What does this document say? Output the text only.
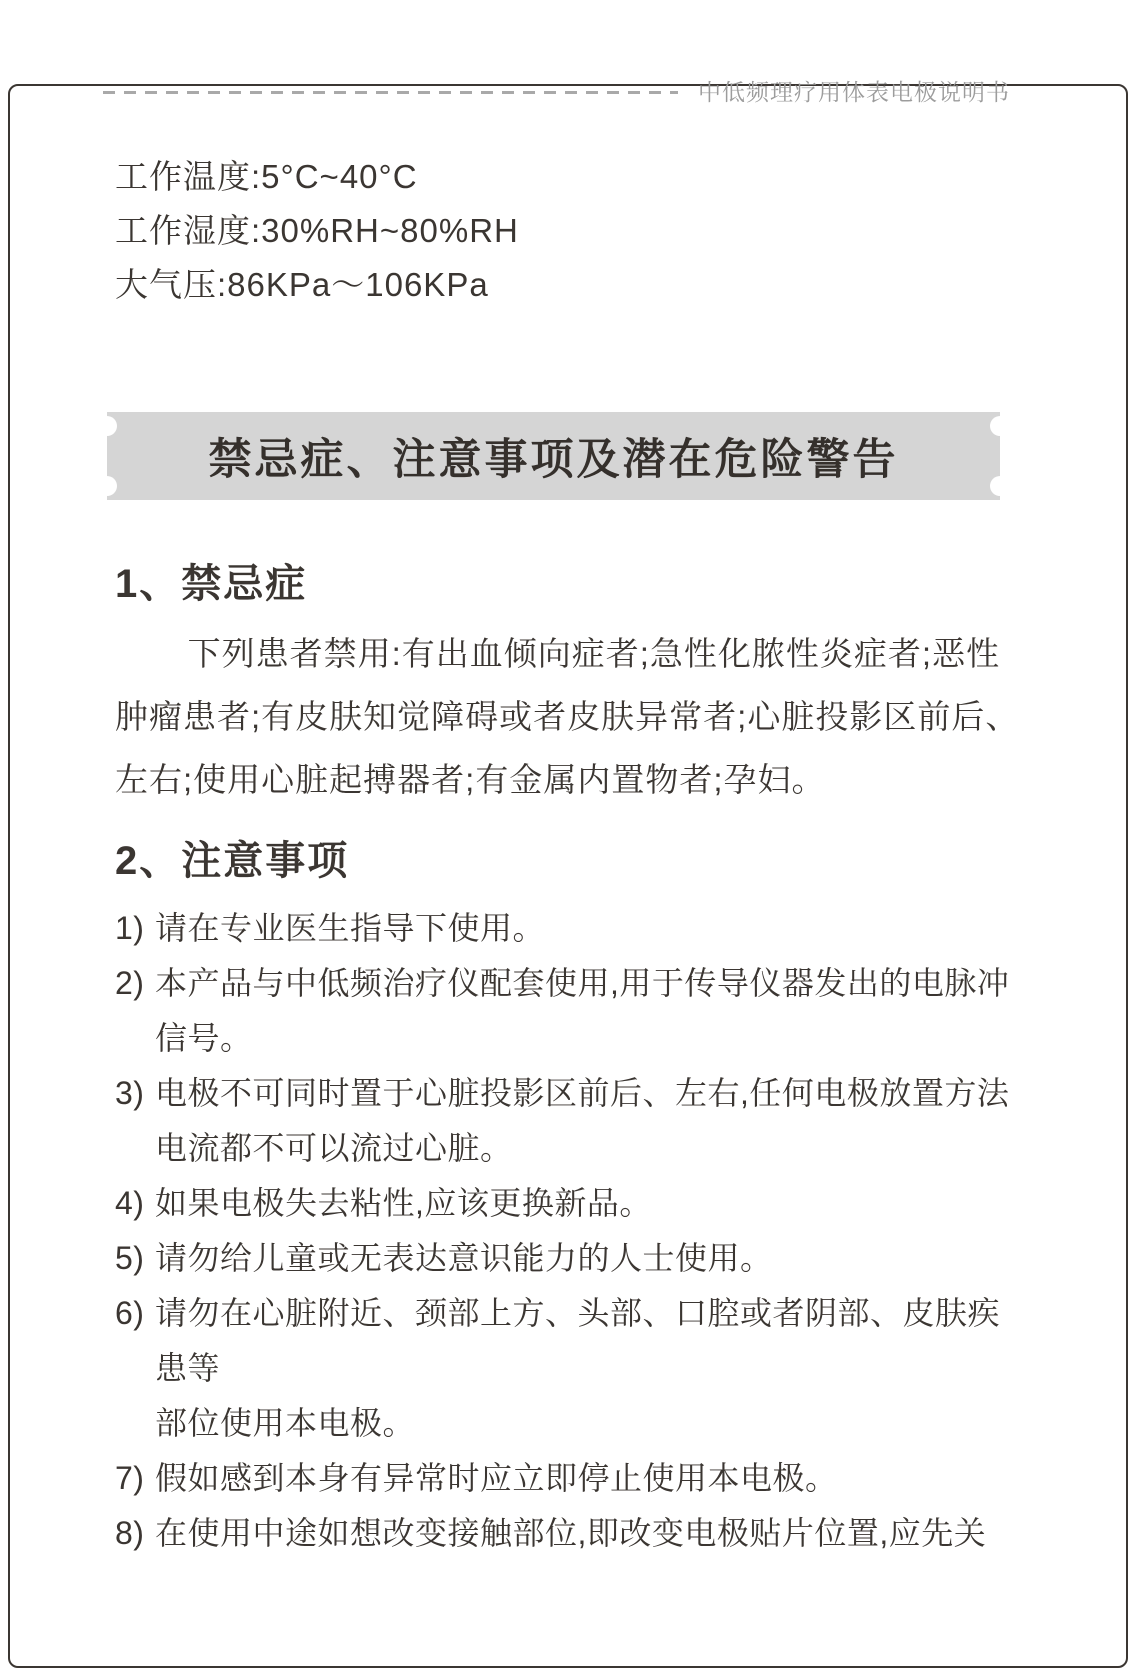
中低频理疗用体表电极说明书
工作温度:5°C~40°C
工作湿度:30%RH~80%RH
大气压:86KPa～106KPa
禁忌症、注意事项及潜在危险警告
1、禁忌症
下列患者禁用:有出血倾向症者;急性化脓性炎症者;恶性
肿瘤患者;有皮肤知觉障碍或者皮肤异常者;心脏投影区前后、
左右;使用心脏起搏器者;有金属内置物者;孕妇。
2、注意事项
1) 请在专业医生指导下使用。
2) 本产品与中低频治疗仪配套使用,用于传导仪器发出的电脉冲
信号。
3) 电极不可同时置于心脏投影区前后、左右,任何电极放置方法
电流都不可以流过心脏。
4) 如果电极失去粘性,应该更换新品。
5) 请勿给儿童或无表达意识能力的人士使用。
6) 请勿在心脏附近、颈部上方、头部、口腔或者阴部、皮肤疾患等
部位使用本电极。
7) 假如感到本身有异常时应立即停止使用本电极。
8) 在使用中途如想改变接触部位,即改变电极贴片位置,应先关
